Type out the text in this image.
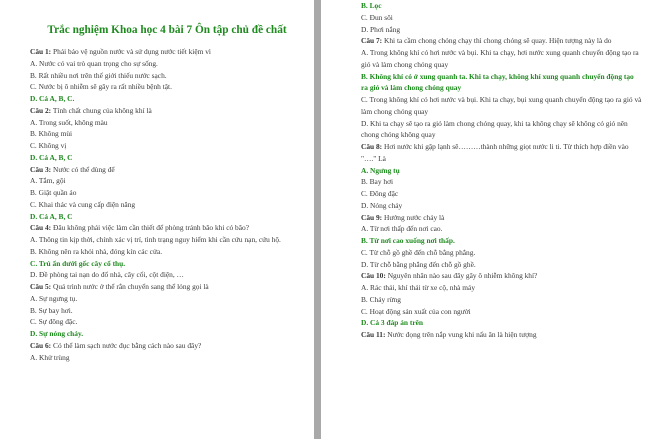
Trắc nghiệm Khoa học 4 bài 7 Ôn tập chủ đề chất
Câu 1: Phải bảo vệ nguồn nước và sử dụng nước tiết kiệm vì
A. Nước có vai trò quan trọng cho sự sống.
B. Rất nhiều nơi trên thế giới thiếu nước sạch.
C. Nước bị ô nhiễm sẽ gây ra rất nhiều bệnh tật.
D. Cả A, B, C.
Câu 2: Tính chất chung của không khí là
A. Trong suốt, không màu
B. Không mùi
C. Không vị
D. Cả A, B, C
Câu 3: Nước có thể dùng để
A. Tắm, gội
B. Giặt quần áo
C. Khai thác và cung cấp điện năng
D. Cả A, B, C
Câu 4: Đâu không phải việc làm cần thiết để phòng tránh bão khi có bão?
A. Thông tin kịp thời, chính xác vị trí, tình trạng nguy hiểm khi cần cứu nạn, cứu hộ.
B. Không nên ra khỏi nhà, đóng kín các cửa.
C. Trú ẩn dưới gốc cây cổ thụ.
D. Đề phòng tai nạn do đổ nhà, cây cối, cột điện, …
Câu 5: Quá trình nước ở thể rắn chuyển sang thể lỏng gọi là
A. Sự ngưng tụ.
B. Sự bay hơi.
C. Sự đông đặc.
D. Sự nóng chảy.
Câu 6: Có thể làm sạch nước đục bằng cách nào sau đây?
A. Khử trùng
B. Lọc
C. Đun sôi
D. Phơi nắng
Câu 7: Khi ta cầm chong chóng chạy thì chong chóng sẽ quay. Hiện tượng này là do
A. Trong không khí có hơi nước và bụi. Khi ta chạy, hơi nước xung quanh chuyển động tạo ra gió và làm chong chóng quay
B. Không khí có ở xung quanh ta. Khi ta chạy, không khí xung quanh chuyển động tạo ra gió và làm chong chóng quay
C. Trong không khí có hơi nước và bụi. Khi ta chạy, bụi xung quanh chuyển động tạo ra gió và làm chong chóng quay
D. Khi ta chạy sẽ tạo ra gió làm chong chóng quay, khi ta không chạy sẽ không có gió nên chong chóng không quay
Câu 8: Hơi nước khi gặp lạnh sẽ………thành những giọt nước li ti. Từ thích hợp điền vào "…." Là
A. Ngưng tụ
B. Bay hơi
C. Đông đặc
D. Nóng chảy
Câu 9: Hướng nước chảy là
A. Từ nơi thấp đến nơi cao.
B. Từ nơi cao xuống nơi thấp.
C. Từ chỗ gồ ghề đến chỗ bằng phẳng.
D. Từ chỗ bằng phẳng đến chỗ gồ ghề.
Câu 10: Nguyên nhân nào sau đây gây ô nhiễm không khí?
A. Rác thải, khí thải từ xe cộ, nhà máy
B. Cháy rừng
C. Hoạt động sản xuất của con người
D. Cả 3 đáp án trên
Câu 11: Nước đọng trên nắp vung khi nấu ăn là hiện tượng
